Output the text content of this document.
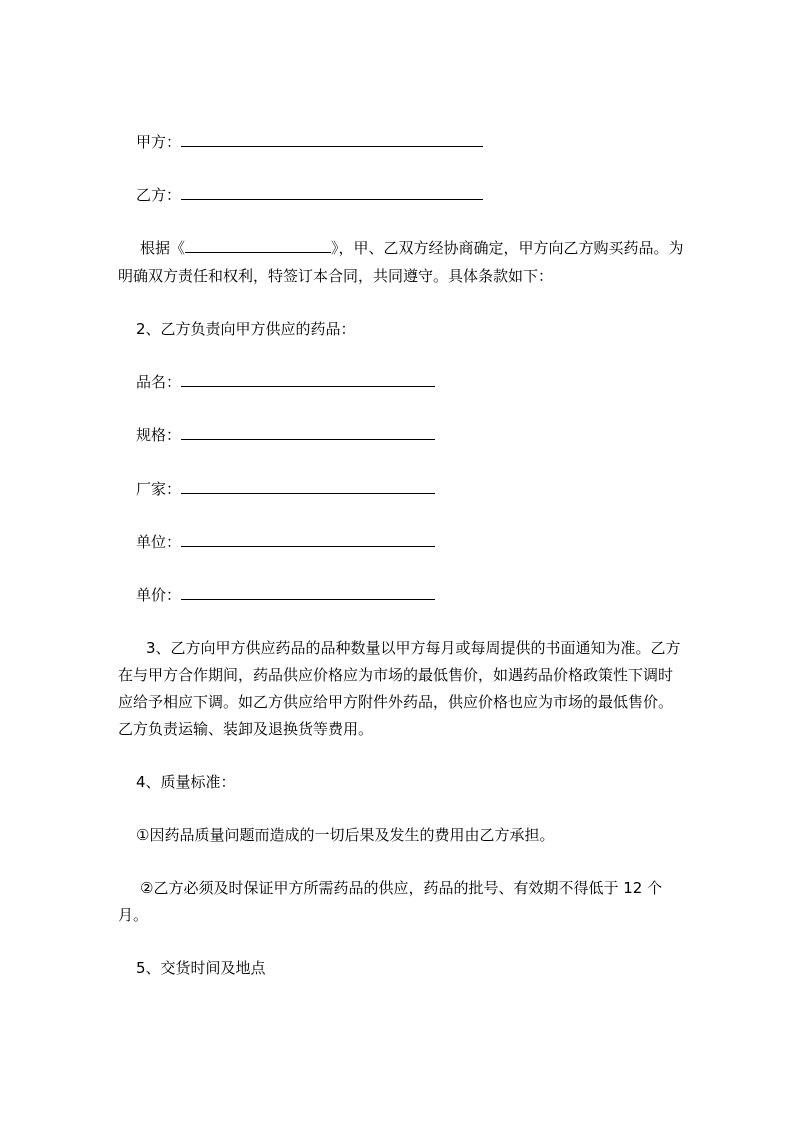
甲方：
乙方：
根据《	》，甲、乙双方经协商确定，甲方向乙方购买药品。为
明确双方责任和权利，特签订本合同，共同遵守。具体条款如下：
2、乙方负责向甲方供应的药品：
品名：
规格：
厂家：
单位：
单价：
3、乙方向甲方供应药品的品种数量以甲方每月或每周提供的书面通知为准。乙方
在与甲方合作期间，药品供应价格应为市场的最低售价，如遇药品价格政策性下调时
应给予相应下调。如乙方供应给甲方附件外药品，供应价格也应为市场的最低售价。
乙方负责运输、装卸及退换货等费用。
4、质量标准：
①因药品质量问题而造成的一切后果及发生的费用由乙方承担。
②乙方必须及时保证甲方所需药品的供应，药品的批号、有效期不得低于 12 个
月。
5、交货时间及地点
